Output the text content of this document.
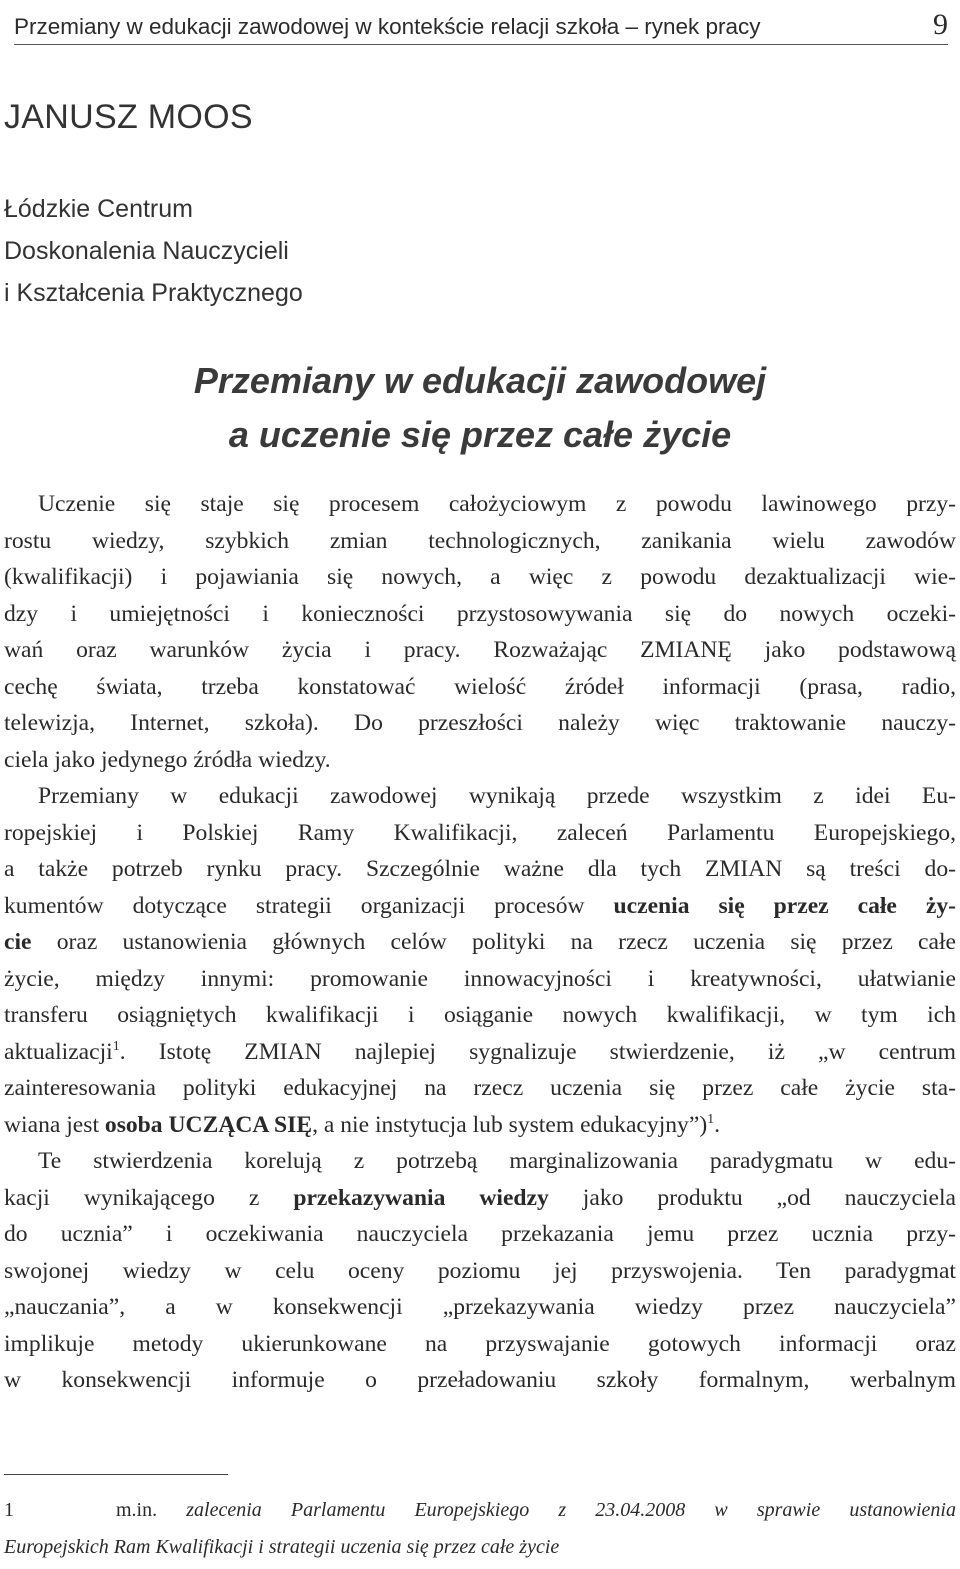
Przemiany w edukacji zawodowej w kontekście relacji szkoła – rynek pracy	9
JANUSZ MOOS
Łódzkie Centrum
Doskonalenia Nauczycieli
i Kształcenia Praktycznego
Przemiany w edukacji zawodowej
a uczenie się przez całe życie
Uczenie się staje się procesem całożyciowym z powodu lawinowego przy-
rostu wiedzy, szybkich zmian technologicznych, zanikania wielu zawodów
(kwalifikacji) i pojawiania się nowych, a więc z powodu dezaktualizacji wie-
dzy i umiejętności i konieczności przystosowywania się do nowych oczeki-
wań oraz warunków życia i pracy. Rozważając ZMIANĘ jako podstawową
cechę świata, trzeba konstatować wielość źródeł informacji (prasa, radio,
telewizja, Internet, szkoła). Do przeszłości należy więc traktowanie nauczy-
ciela jako jedynego źródła wiedzy.
Przemiany w edukacji zawodowej wynikają przede wszystkim z idei Eu-
ropejskiej i Polskiej Ramy Kwalifikacji, zaleceń Parlamentu Europejskiego,
a także potrzeb rynku pracy. Szczególnie ważne dla tych ZMIAN są treści do-
kumentów dotyczące strategii organizacji procesów uczenia się przez całe ży-
cie oraz ustanowienia głównych celów polityki na rzecz uczenia się przez całe
życie, między innymi: promowanie innowacyjności i kreatywności, ułatwianie
transferu osiągniętych kwalifikacji i osiąganie nowych kwalifikacji, w tym ich
aktualizacji$^1$. Istotę ZMIAN najlepiej sygnalizuje stwierdzenie, iż „w centrum
zainteresowania polityki edukacyjnej na rzecz uczenia się przez całe życie sta-
wiana jest osoba UCZĄCA SIĘ, a nie instytucja lub system edukacyjny”)$^1$.
Te stwierdzenia korelują z potrzebą marginalizowania paradygmatu w edu-
kacji wynikającego z przekazywania wiedzy jako produktu „od nauczyciela
do ucznia” i oczekiwania nauczyciela przekazania jemu przez ucznia przy-
swojonej wiedzy w celu oceny poziomu jej przyswojenia. Ten paradygmat
„nauczania”, a w konsekwencji „przekazywania wiedzy przez nauczyciela”
implikuje metody ukierunkowane na przyswajanie gotowych informacji oraz
w konsekwencji informuje o przeładowaniu szkoły formalnym, werbalnym
1	m.in. zalecenia Parlamentu Europejskiego z 23.04.2008 w sprawie ustanowienia
Europejskich Ram Kwalifikacji i strategii uczenia się przez całe życie
